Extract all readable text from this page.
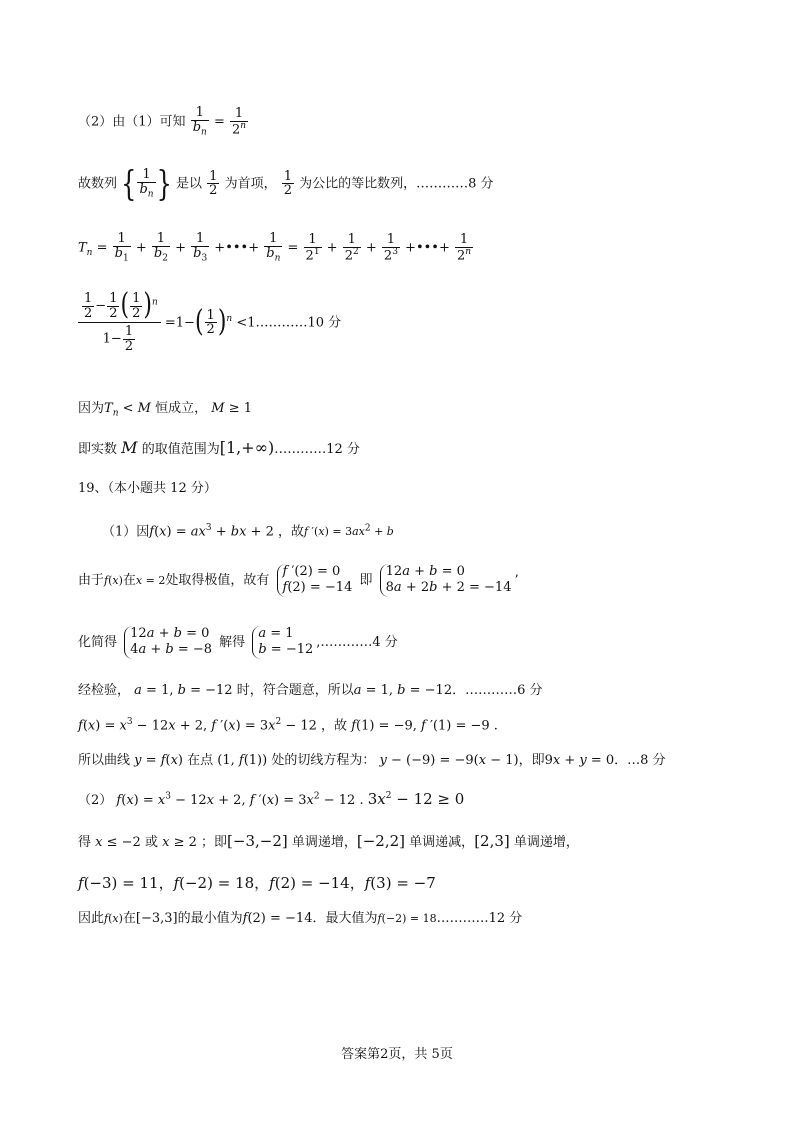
（2）由（1）可知 $\frac{1}{b_n} = \frac{1}{2^n}$
故数列 { $\frac{1}{b_n}$ } 是以 $\frac{1}{2}$ 为首项， $\frac{1}{2}$ 为公比的等比数列，…………8 分
$T_n = \frac{1}{b_1} + \frac{1}{b_2} + \frac{1}{b_3}$ +•••+ $\frac{1}{b_n} = \frac{1}{2^1} + \frac{1}{2^2} + \frac{1}{2^3}$ +•••+ $\frac{1}{2^n}$
$\frac{\frac{1}{2} - \frac{1}{2} ( \frac{1}{2} )^n}{1- \frac{1}{2}} =1-( \frac{1}{2} )^n$ <1…………10 分
因为$T_n < M$ 恒成立， M ≥ 1
即实数 M 的取值范围为[1,+∞)…………12 分
19、（本小题共 12 分）
（1）因$f(x) = ax^3$ + bx + 2 ，故f $'(x) = 3ax^2 + b$
由于f(x)在x = 2处取得极值，故有
f ′(2) = 0
f(2) = −14 即
12a + b = 0
8a + 2b + 2 = −14 ’
化简得
12a + b = 0
4a + b = −8 解得
a = 1
b = −12 ,…………4 分
经检验， a = 1, b = −12 时，符合题意，所以a = 1, b = −12．…………6 分
$f(x) = x^3 - 12x + 2$, f $'(x) = 3x^2 - 12$ ，故 f(1) = −9, f ′(1) = −9 .
所以曲线 y = f(x) 在点 (1, f(1)) 处的切线方程为： y − (−9) = −9(x − 1)，即9x + y = 0．…8 分
（2） $f(x) = x^3 - 12x + 2$, f $'(x) = 3x^2 - 12$ . $3x^2 - 12 \ge 0$
得 x ≤ −2 或 x ≥ 2 ；即[−3,−2] 单调递增，[−2,2] 单调递减，[2,3] 单调递增，
f(−3) = 11，f(−2) = 18，f(2) = −14，f(3) = −7
因此f(x)在[−3,3]的最小值为f(2) = −14．最大值为f(−2) = 18…………12 分
答案第2页，共 5页
